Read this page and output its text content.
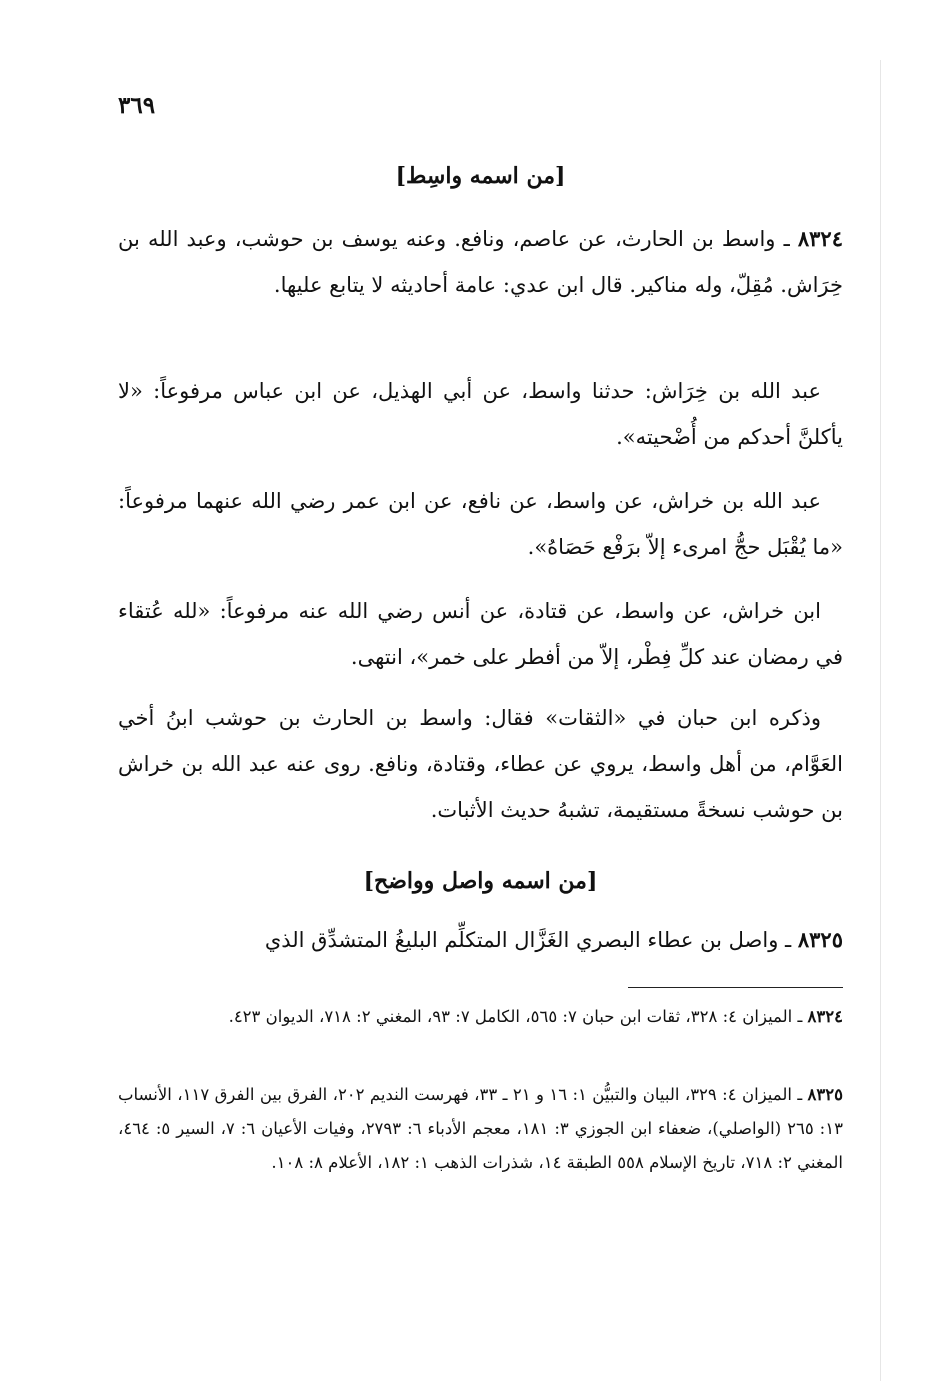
٣٦٩
[من اسمه واسِط]
٨٣٢٤ ـ واسط بن الحارث، عن عاصم، ونافع. وعنه يوسف بن حوشب، وعبد الله بن خِرَاش. مُقِلّ، وله مناكير. قال ابن عدي: عامة أحاديثه لا يتابع عليها.
عبد الله بن خِرَاش: حدثنا واسط، عن أبي الهذيل، عن ابن عباس مرفوعاً: «لا يأكلنَّ أحدكم من أُضْحيته».
عبد الله بن خراش، عن واسط، عن نافع، عن ابن عمر رضي الله عنهما مرفوعاً: «ما يُقْبَل حجُّ امرىء إلاّ برَفْع حَصَاهُ».
ابن خراش، عن واسط، عن قتادة، عن أنس رضي الله عنه مرفوعاً: «لله عُتقاء في رمضان عند كلِّ فِطْر، إلاّ من أفطر على خمر»، انتهى.
وذكره ابن حبان في «الثقات» فقال: واسط بن الحارث بن حوشب ابنُ أخي العَوَّام، من أهل واسط، يروي عن عطاء، وقتادة، ونافع. روى عنه عبد الله بن خراش بن حوشب نسخةً مستقيمة، تشبهُ حديث الأثبات.
[من اسمه واصل وواضح]
٨٣٢٥ ـ واصل بن عطاء البصري الغَزَّال المتكلِّم البليغُ المتشدِّق الذي
٨٣٢٤ ـ الميزان ٤: ٣٢٨، ثقات ابن حبان ٧: ٥٦٥، الكامل ٧: ٩٣، المغني ٢: ٧١٨، الديوان ٤٢٣.
٨٣٢٥ ـ الميزان ٤: ٣٢٩، البيان والتبيُّن ١: ١٦ و ٢١ ـ ٣٣، فهرست النديم ٢٠٢، الفرق بين الفرق ١١٧، الأنساب ١٣: ٢٦٥ (الواصلي)، ضعفاء ابن الجوزي ٣: ١٨١، معجم الأدباء ٦: ٢٧٩٣، وفيات الأعيان ٦: ٧، السير ٥: ٤٦٤، المغني ٢: ٧١٨، تاريخ الإسلام ٥٥٨ الطبقة ١٤، شذرات الذهب ١: ١٨٢، الأعلام ٨: ١٠٨.
